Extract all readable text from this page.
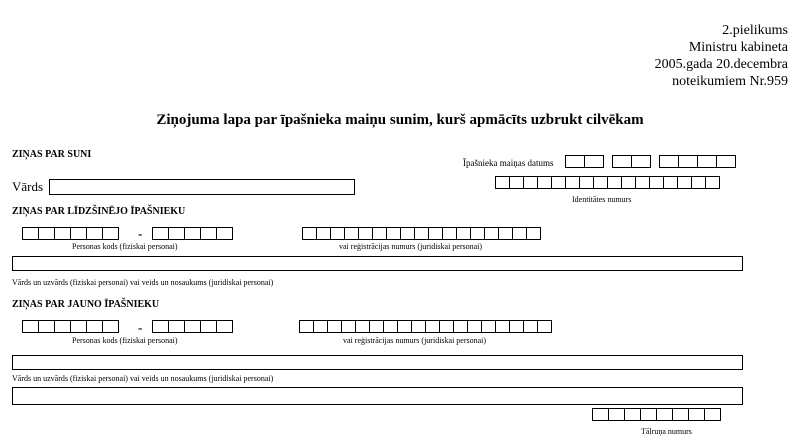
2.pielikums
Ministru kabineta
2005.gada 20.decembra
noteikumiem Nr.959
Ziņojuma lapa par īpašnieka maiņu sunim, kurš apmācīts uzbrukt cilvēkam
ZIŅAS PAR SUNI
Īpašnieka maiņas datums
Vārds
Identitātes numurs
ZIŅAS PAR LĪDZŠINĒJO ĪPAŠNIEKU
-
Personas kods (fiziskai personai)	vai reģistrācijas numurs (juridiskai personai)
Vārds un uzvārds (fiziskai personai) vai veids un nosaukums (juridiskai personai)
ZIŅAS PAR JAUNO ĪPAŠNIEKU
-
Personas kods (fiziskai personai)	vai reģistrācijas numurs (juridiskai personai)
Vārds un uzvārds (fiziskai personai) vai veids un nosaukums (juridiskai personai)
Tālruņa numurs
